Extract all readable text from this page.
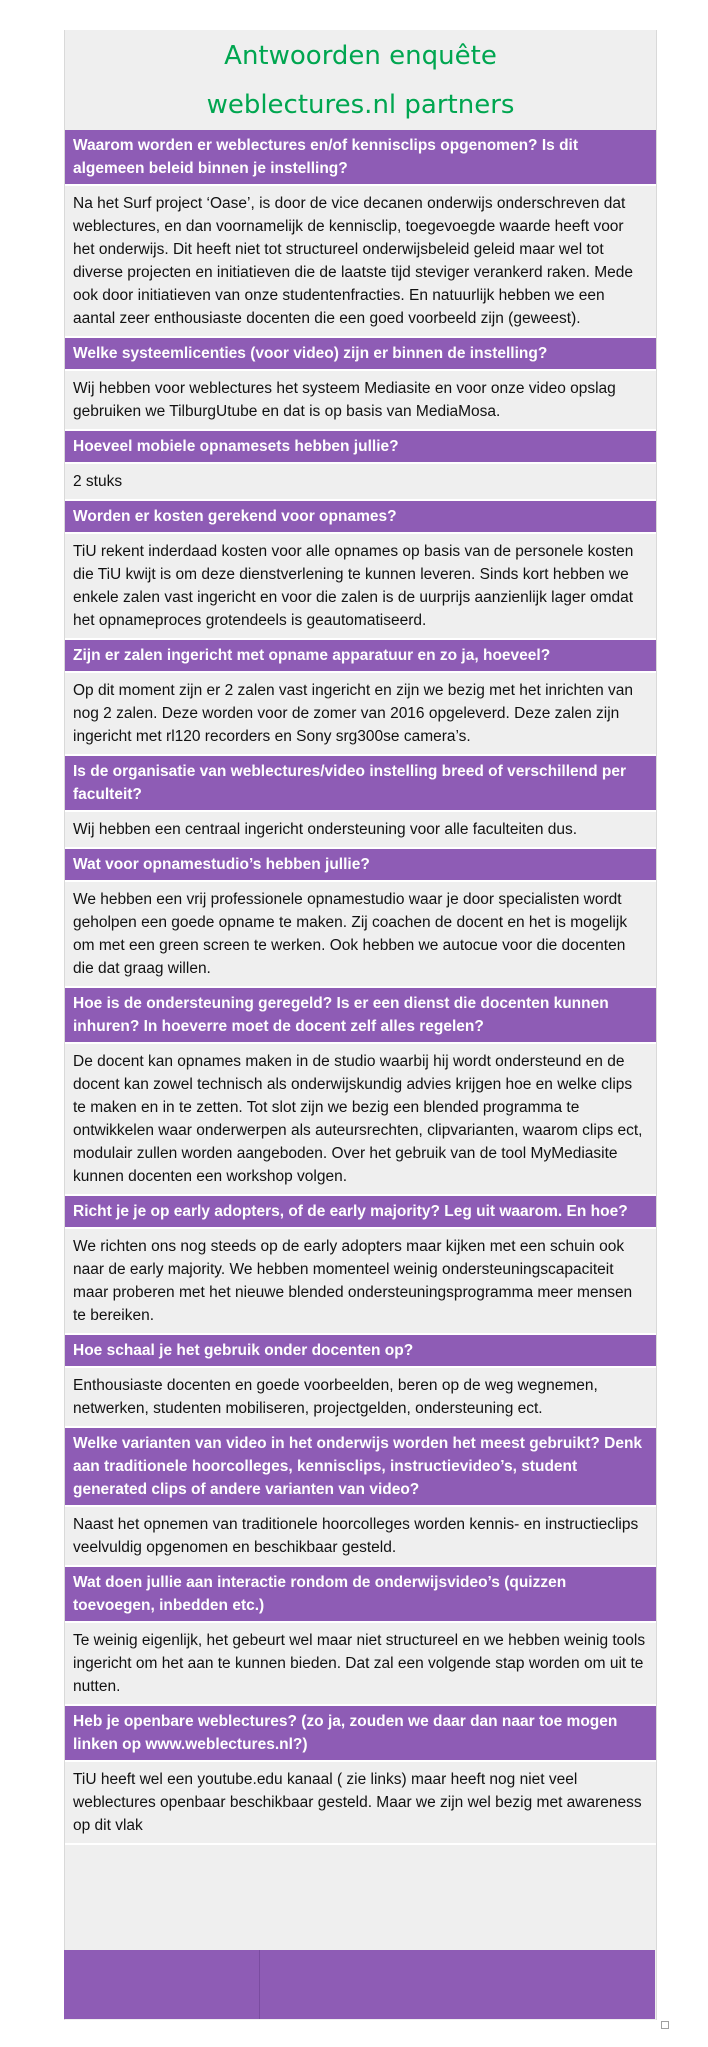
Antwoorden enquête
weblectures.nl partners
Waarom worden er weblectures en/of kennisclips opgenomen? Is dit algemeen beleid binnen je instelling?
Na het Surf project ‘Oase’, is door de vice decanen onderwijs onderschreven dat weblectures, en dan voornamelijk de kennisclip, toegevoegde waarde heeft voor het onderwijs. Dit heeft niet tot structureel onderwijsbeleid geleid maar wel tot diverse projecten en initiatieven die de laatste tijd steviger verankerd raken. Mede ook door initiatieven van onze studentenfracties. En natuurlijk hebben we een aantal zeer enthousiaste docenten die een goed voorbeeld zijn (geweest).
Welke systeemlicenties (voor video) zijn er binnen de instelling?
Wij hebben voor weblectures het systeem Mediasite en voor onze video opslag gebruiken we TilburgUtube en dat is op basis van MediaMosa.
Hoeveel mobiele opnamesets hebben jullie?
2 stuks
Worden er kosten gerekend voor opnames?
TiU rekent inderdaad kosten voor alle opnames op basis van de personele kosten die TiU kwijt is om deze dienstverlening te kunnen leveren. Sinds kort hebben we enkele zalen vast ingericht en voor die zalen is de uurprijs aanzienlijk lager omdat het opnameproces grotendeels is geautomatiseerd.
Zijn er zalen ingericht met opname apparatuur en zo ja, hoeveel?
Op dit moment zijn er 2 zalen vast ingericht en zijn we bezig met het inrichten van nog 2 zalen. Deze worden voor de zomer van 2016 opgeleverd. Deze zalen zijn ingericht met rl120 recorders en Sony srg300se camera’s.
Is de organisatie van weblectures/video instelling breed of verschillend per faculteit?
Wij hebben een centraal ingericht ondersteuning voor alle faculteiten dus.
Wat voor opnamestudio’s hebben jullie?
We hebben een vrij professionele opnamestudio waar je door specialisten wordt geholpen een goede opname te maken. Zij coachen de docent en het is mogelijk om met een green screen te werken. Ook hebben we autocue voor die docenten die dat graag willen.
Hoe is de ondersteuning geregeld? Is er een dienst die docenten kunnen inhuren? In hoeverre moet de docent zelf alles regelen?
De docent kan opnames maken in de studio waarbij hij wordt ondersteund en de docent kan zowel technisch als onderwijskundig advies krijgen hoe en welke clips te maken en in te zetten. Tot slot zijn we bezig een blended programma te ontwikkelen waar onderwerpen als auteursrechten, clipvarianten, waarom clips ect, modulair zullen worden aangeboden. Over het gebruik van de tool MyMediasite kunnen docenten een workshop volgen.
Richt je je op early adopters, of de early majority? Leg uit waarom. En hoe?
We richten ons nog steeds op de early adopters maar kijken met een schuin ook naar de early majority. We hebben momenteel weinig ondersteuningscapaciteit maar proberen met het nieuwe blended ondersteuningsprogramma meer mensen te bereiken.
Hoe schaal je het gebruik onder docenten op?
Enthousiaste docenten en goede voorbeelden, beren op de weg wegnemen, netwerken, studenten mobiliseren, projectgelden, ondersteuning ect.
Welke varianten van video in het onderwijs worden het meest gebruikt? Denk aan traditionele hoorcolleges, kennisclips, instructievideo’s, student generated clips of andere varianten van video?
Naast het opnemen van traditionele hoorcolleges worden kennis- en instructieclips veelvuldig opgenomen en beschikbaar gesteld.
Wat doen jullie aan interactie rondom de onderwijsvideo’s (quizzen toevoegen, inbedden etc.)
Te weinig eigenlijk, het gebeurt wel maar niet structureel en we hebben weinig tools ingericht om het aan te kunnen bieden. Dat zal een volgende stap worden om uit te nutten.
Heb je openbare weblectures? (zo ja, zouden we daar dan naar toe mogen linken op www.weblectures.nl?)
TiU heeft wel een youtube.edu kanaal ( zie links) maar heeft nog niet veel weblectures openbaar beschikbaar gesteld. Maar we zijn wel bezig met awareness op dit vlak
